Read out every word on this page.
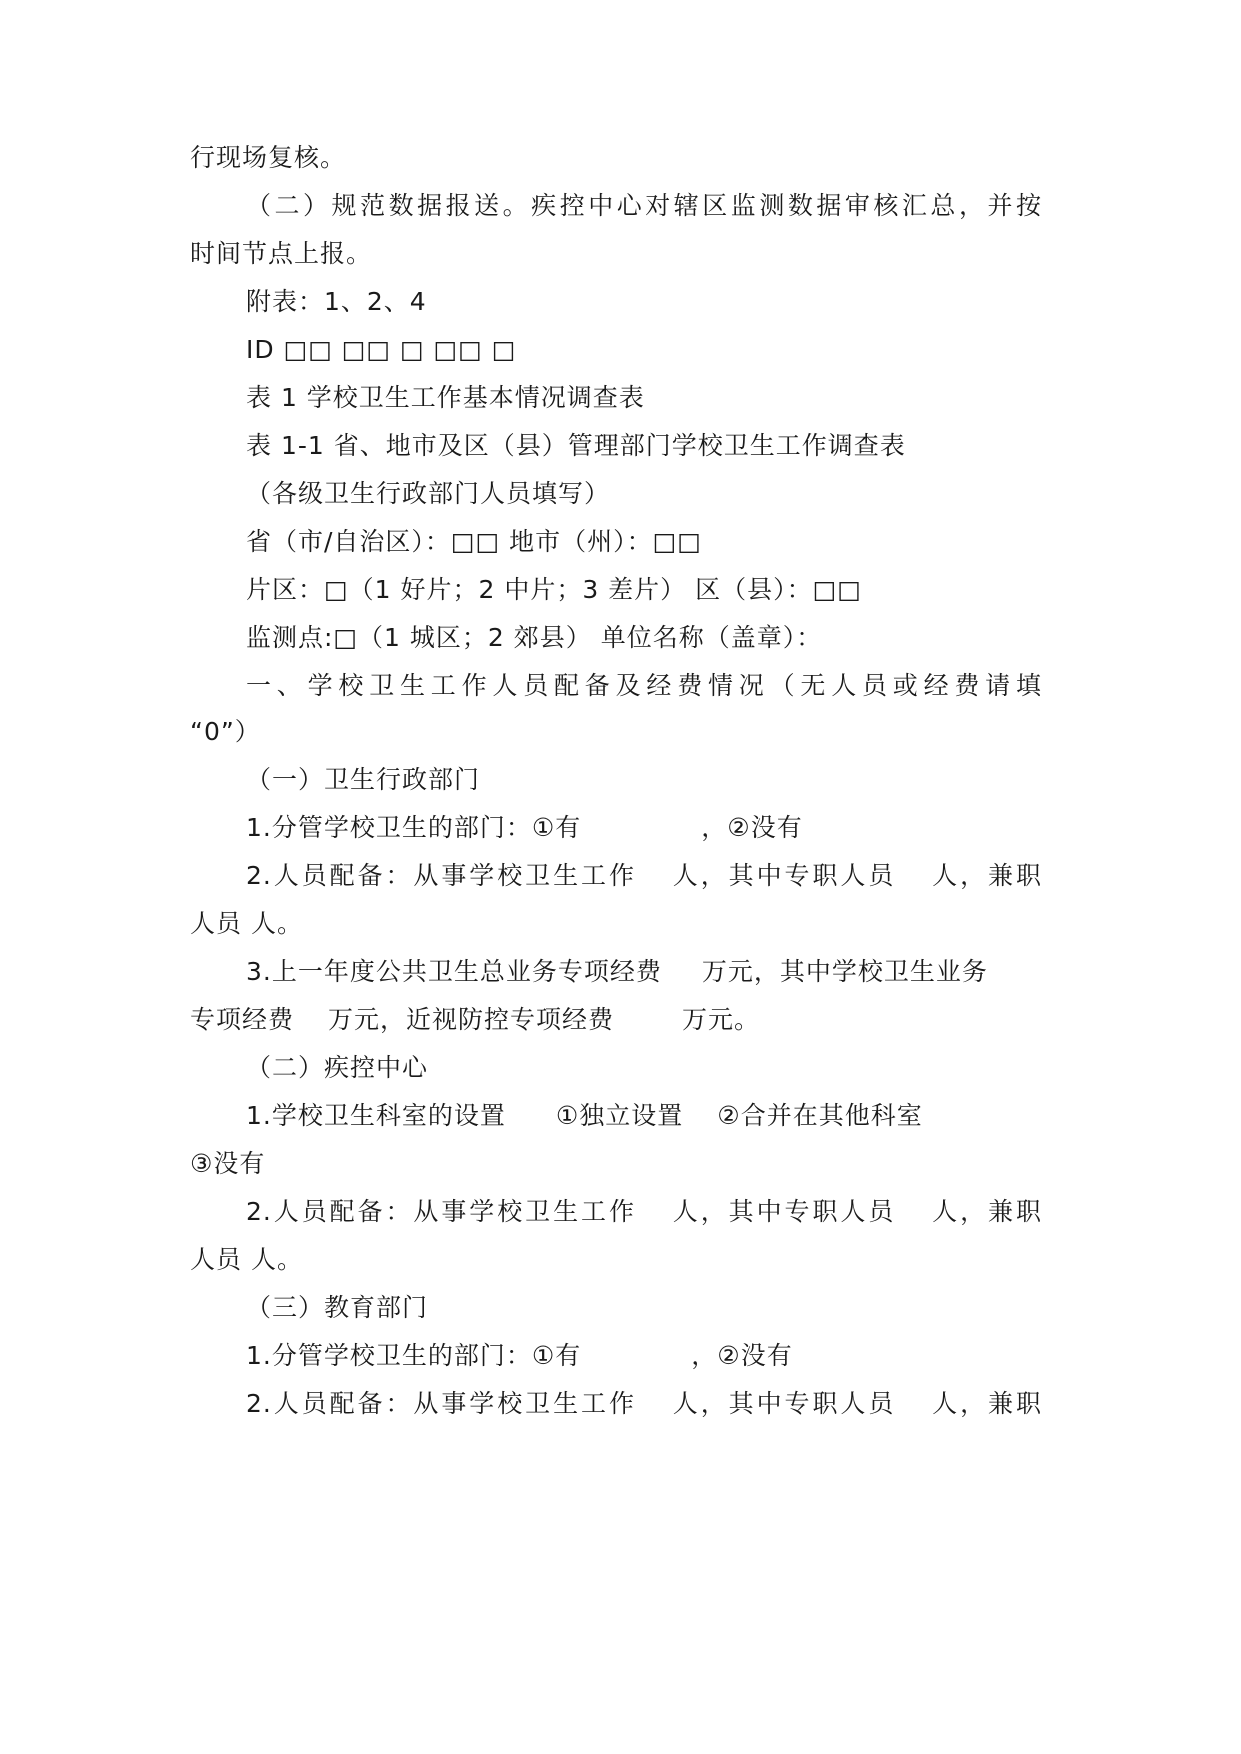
行现场复核。
（二）规范数据报送。疾控中心对辖区监测数据审核汇总，并按
时间节点上报。
附表：1、2、4
ID □□ □□ □ □□ □
表 1 学校卫生工作基本情况调查表
表 1-1 省、地市及区（县）管理部门学校卫生工作调查表
（各级卫生行政部门人员填写）
省（市/自治区）：□□ 地市（州）：□□
片区：□（1 好片；2 中片；3 差片） 区（县）：□□
监测点:□（1 城区；2 郊县） 单位名称（盖章）：
一、学校卫生工作人员配备及经费情况（无人员或经费请填
“0”）
（一）卫生行政部门
1.分管学校卫生的部门：①有	，②没有
2.人员配备：从事学校卫生工作 人，其中专职人员 人，兼职
人员 人。
3.上一年度公共卫生总业务专项经费 万元，其中学校卫生业务
专项经费 万元，近视防控专项经费	万元。
（二）疾控中心
1.学校卫生科室的设置 ①独立设置 ②合并在其他科室
③没有
2.人员配备：从事学校卫生工作 人，其中专职人员 人，兼职
人员 人。
（三）教育部门
1.分管学校卫生的部门：①有	，②没有
2.人员配备：从事学校卫生工作 人，其中专职人员 人，兼职
